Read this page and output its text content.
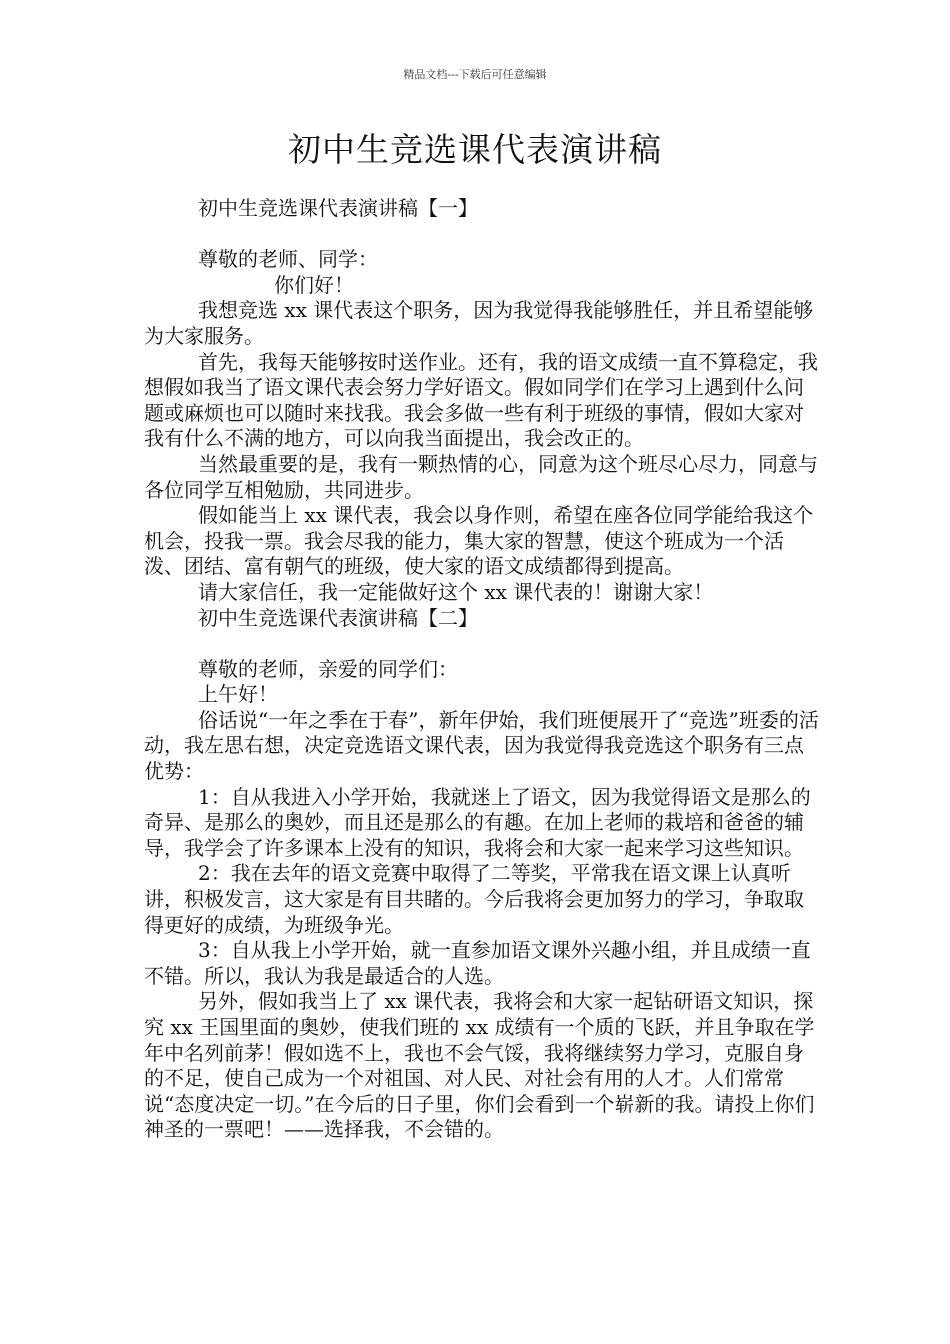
精品文档---下载后可任意编辑
初中生竞选课代表演讲稿

初中生竞选课代表演讲稿【一】

尊敬的老师、同学：

你们好！

我想竞选 xx 课代表这个职务，因为我觉得我能够胜任，并且希望能够为大家服务。

首先，我每天能够按时送作业。还有，我的语文成绩一直不算稳定，我想假如我当了语文课代表会努力学好语文。假如同学们在学习上遇到什么问题或麻烦也可以随时来找我。我会多做一些有利于班级的事情，假如大家对我有什么不满的地方，可以向我当面提出，我会改正的。

当然最重要的是，我有一颗热情的心，同意为这个班尽心尽力，同意与各位同学互相勉励，共同进步。

假如能当上 xx 课代表，我会以身作则，希望在座各位同学能给我这个机会，投我一票。我会尽我的能力，集大家的智慧，使这个班成为一个活泼、团结、富有朝气的班级，使大家的语文成绩都得到提高。

请大家信任，我一定能做好这个 xx 课代表的！谢谢大家！

初中生竞选课代表演讲稿【二】

尊敬的老师，亲爱的同学们：

上午好！

俗话说“一年之季在于春”，新年伊始，我们班便展开了“竞选”班委的活动，我左思右想，决定竞选语文课代表，因为我觉得我竞选这个职务有三点优势：

1：自从我进入小学开始，我就迷上了语文，因为我觉得语文是那么的奇异、是那么的奥妙，而且还是那么的有趣。在加上老师的栽培和爸爸的辅导，我学会了许多课本上没有的知识，我将会和大家一起来学习这些知识。

2：我在去年的语文竞赛中取得了二等奖，平常我在语文课上认真听讲，积极发言，这大家是有目共睹的。今后我将会更加努力的学习，争取取得更好的成绩，为班级争光。

3：自从我上小学开始，就一直参加语文课外兴趣小组，并且成绩一直不错。所以，我认为我是最适合的人选。

另外，假如我当上了 xx 课代表，我将会和大家一起钻研语文知识，探究 xx 王国里面的奥妙，使我们班的 xx 成绩有一个质的飞跃，并且争取在学年中名列前茅！假如选不上，我也不会气馁，我将继续努力学习，克服自身的不足，使自己成为一个对祖国、对人民、对社会有用的人才。人们常常说“态度决定一切。”在今后的日子里，你们会看到一个崭新的我。请投上你们神圣的一票吧！——选择我，不会错的。
